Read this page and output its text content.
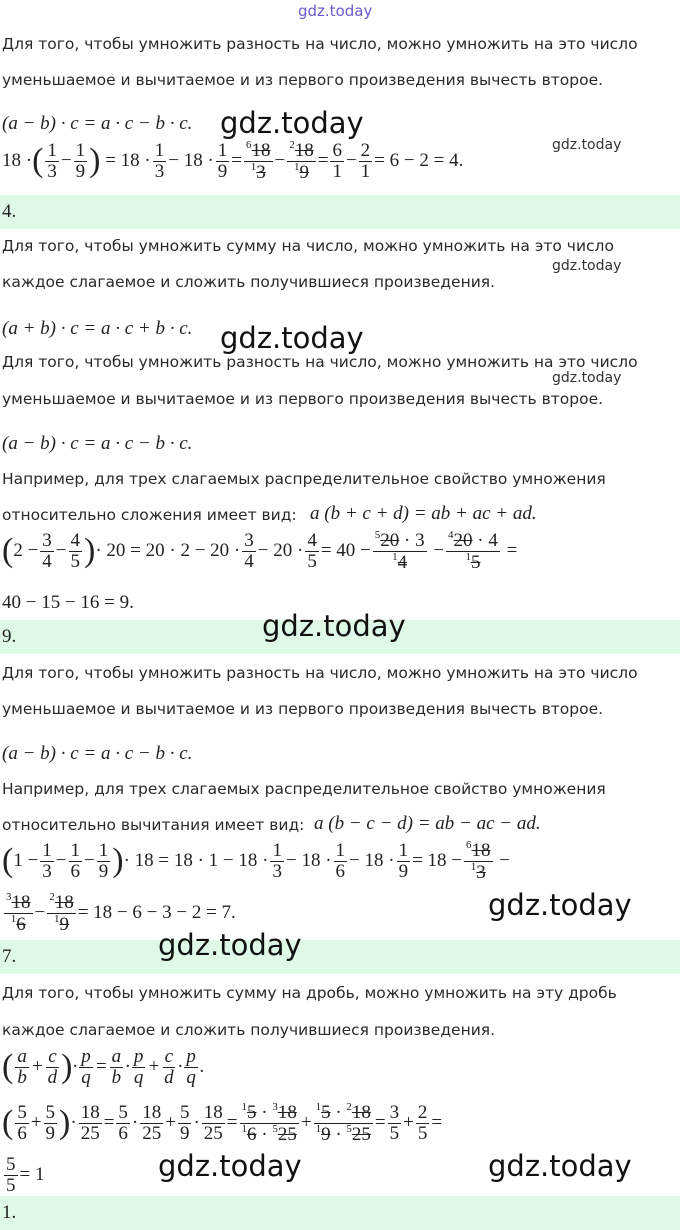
gdz.today
Для того, чтобы умножить разность на число, можно умножить на это число
уменьшаемое и вычитаемое и из первого произведения вычесть второе.
(a − b) · c = a · c − b · c. gdz.today
gdz.today
18 · ( $\frac{1}{3} - \frac{1}{9}$ ) = $18 \cdot \frac{1}{3} - 18 \cdot \frac{1}{9} = \frac{^618}{^13} - \frac{^218}{^19} = \frac{6}{1} - \frac{2}{1} = 6 - 2 = 4$.
4.
Для того, чтобы умножить сумму на число, можно умножить на это число
gdz.today
каждое слагаемое и сложить получившиеся произведения.
(a + b) · c = a · c + b · c. gdz.today
Для того, чтобы умножить разность на число, можно умножить на это число
gdz.today
уменьшаемое и вычитаемое и из первого произведения вычесть второе.
(a − b) · c = a · c − b · c.
Например, для трех слагаемых распределительное свойство умножения
относительно сложения имеет вид: a (b + c + d) = ab + ac + ad.
( $2 - \frac{3}{4} - \frac{4}{5}$ ) · $20 = 20 \cdot 2 - 20 \cdot \frac{3}{4} - 20 \cdot \frac{4}{5} = 40 - \frac{^520 \cdot 3}{^14} - \frac{^420 \cdot 4}{^15}$ =
40 − 15 − 16 = 9.
9.	gdz.today
Для того, чтобы умножить разность на число, можно умножить на это число
уменьшаемое и вычитаемое и из первого произведения вычесть второе.
(a − b) · c = a · c − b · c.
Например, для трех слагаемых распределительное свойство умножения
относительно вычитания имеет вид: a (b − c − d) = ab − ac − ad.
( $1 - \frac{1}{3} - \frac{1}{6} - \frac{1}{9}$ ) · $18 = 18 \cdot 1 - 18 \cdot \frac{1}{3} - 18 \cdot \frac{1}{6} - 18 \cdot \frac{1}{9} = 18 - \frac{^618}{^13}$ −
$\frac{^318}{^16} - \frac{^218}{^19} = 18 - 6 - 3 - 2 = 7$.	gdz.today
7.	gdz.today
Для того, чтобы умножить сумму на дробь, можно умножить на эту дробь
каждое слагаемое и сложить получившиеся произведения.
( $\frac{a}{b} + \frac{c}{d}$ ) · $\frac{p}{q} = \frac{a}{b} \cdot \frac{p}{q} + \frac{c}{d} \cdot \frac{p}{q}$ .
( $\frac{5}{6} + \frac{5}{9}$ ) · $\frac{18}{25} = \frac{5}{6} \cdot \frac{18}{25} + \frac{5}{9} \cdot \frac{18}{25} = \frac{^15 \cdot ^318}{^16 \cdot ^525} + \frac{^15 \cdot ^218}{^19 \cdot ^525} = \frac{3}{5} + \frac{2}{5}$ =
$\frac{5}{5} = 1$	gdz.today	gdz.today
1.
